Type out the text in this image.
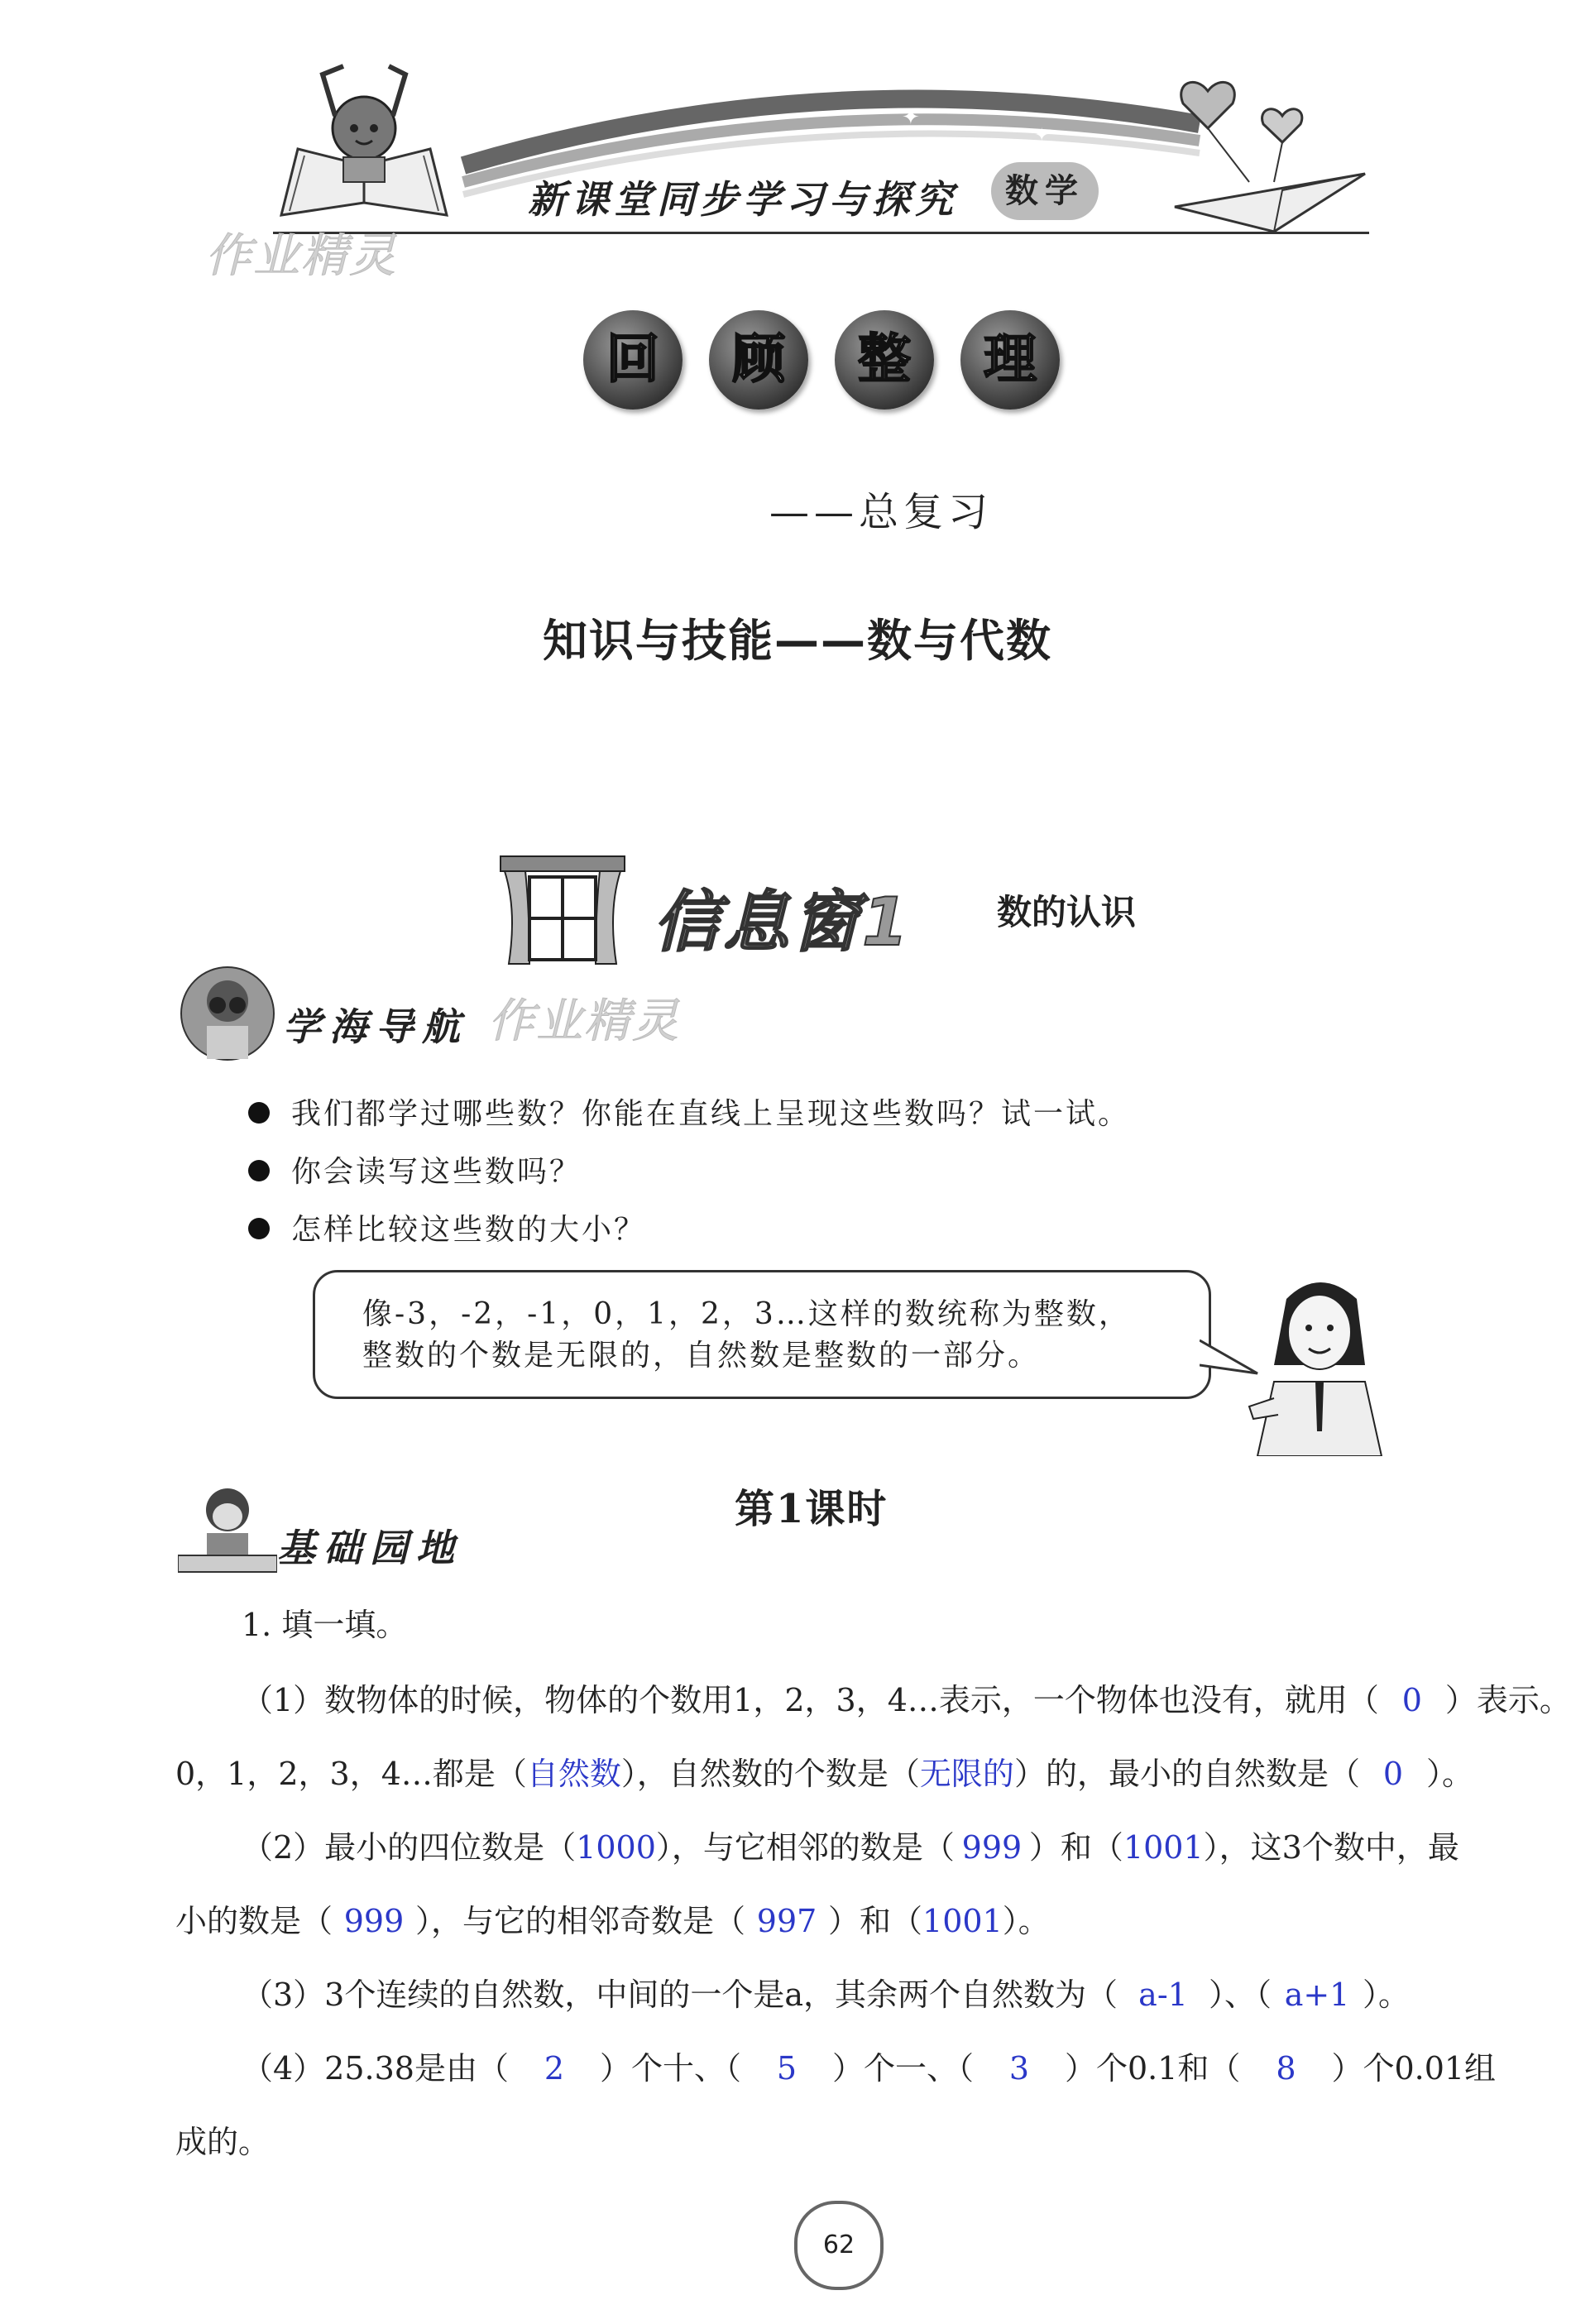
✦
✦
新课堂同步学习与探究	数学
作业精灵
回	顾	整	理
——总复习
知识与技能——数与代数
信息窗1 数的认识
学海导航 作业精灵
我们都学过哪些数？你能在直线上呈现这些数吗？试一试。
你会读写这些数吗？
怎样比较这些数的大小？
像-3，-2，-1，0，1，2，3…这样的数统称为整数，
整数的个数是无限的，自然数是整数的一部分。
第1课时
基础园地
1. 填一填。
（1）数物体的时候，物体的个数用1，2，3，4…表示，一个物体也没有，就用（ 0 ）表示。
0，1，2，3，4…都是（自然数），自然数的个数是（无限的）的，最小的自然数是（ 0 ）。
（2）最小的四位数是（1000），与它相邻的数是（ 999 ）和（1001），这3个数中，最
小的数是（ 999 ），与它的相邻奇数是（ 997 ）和（1001）。
（3）3个连续的自然数，中间的一个是a，其余两个自然数为（ a-1 ）、（ a+1 ）。
（4）25.38是由（ 2 ）个十、（ 5 ）个一、（ 3 ）个0.1和（ 8 ）个0.01组
成的。
62
